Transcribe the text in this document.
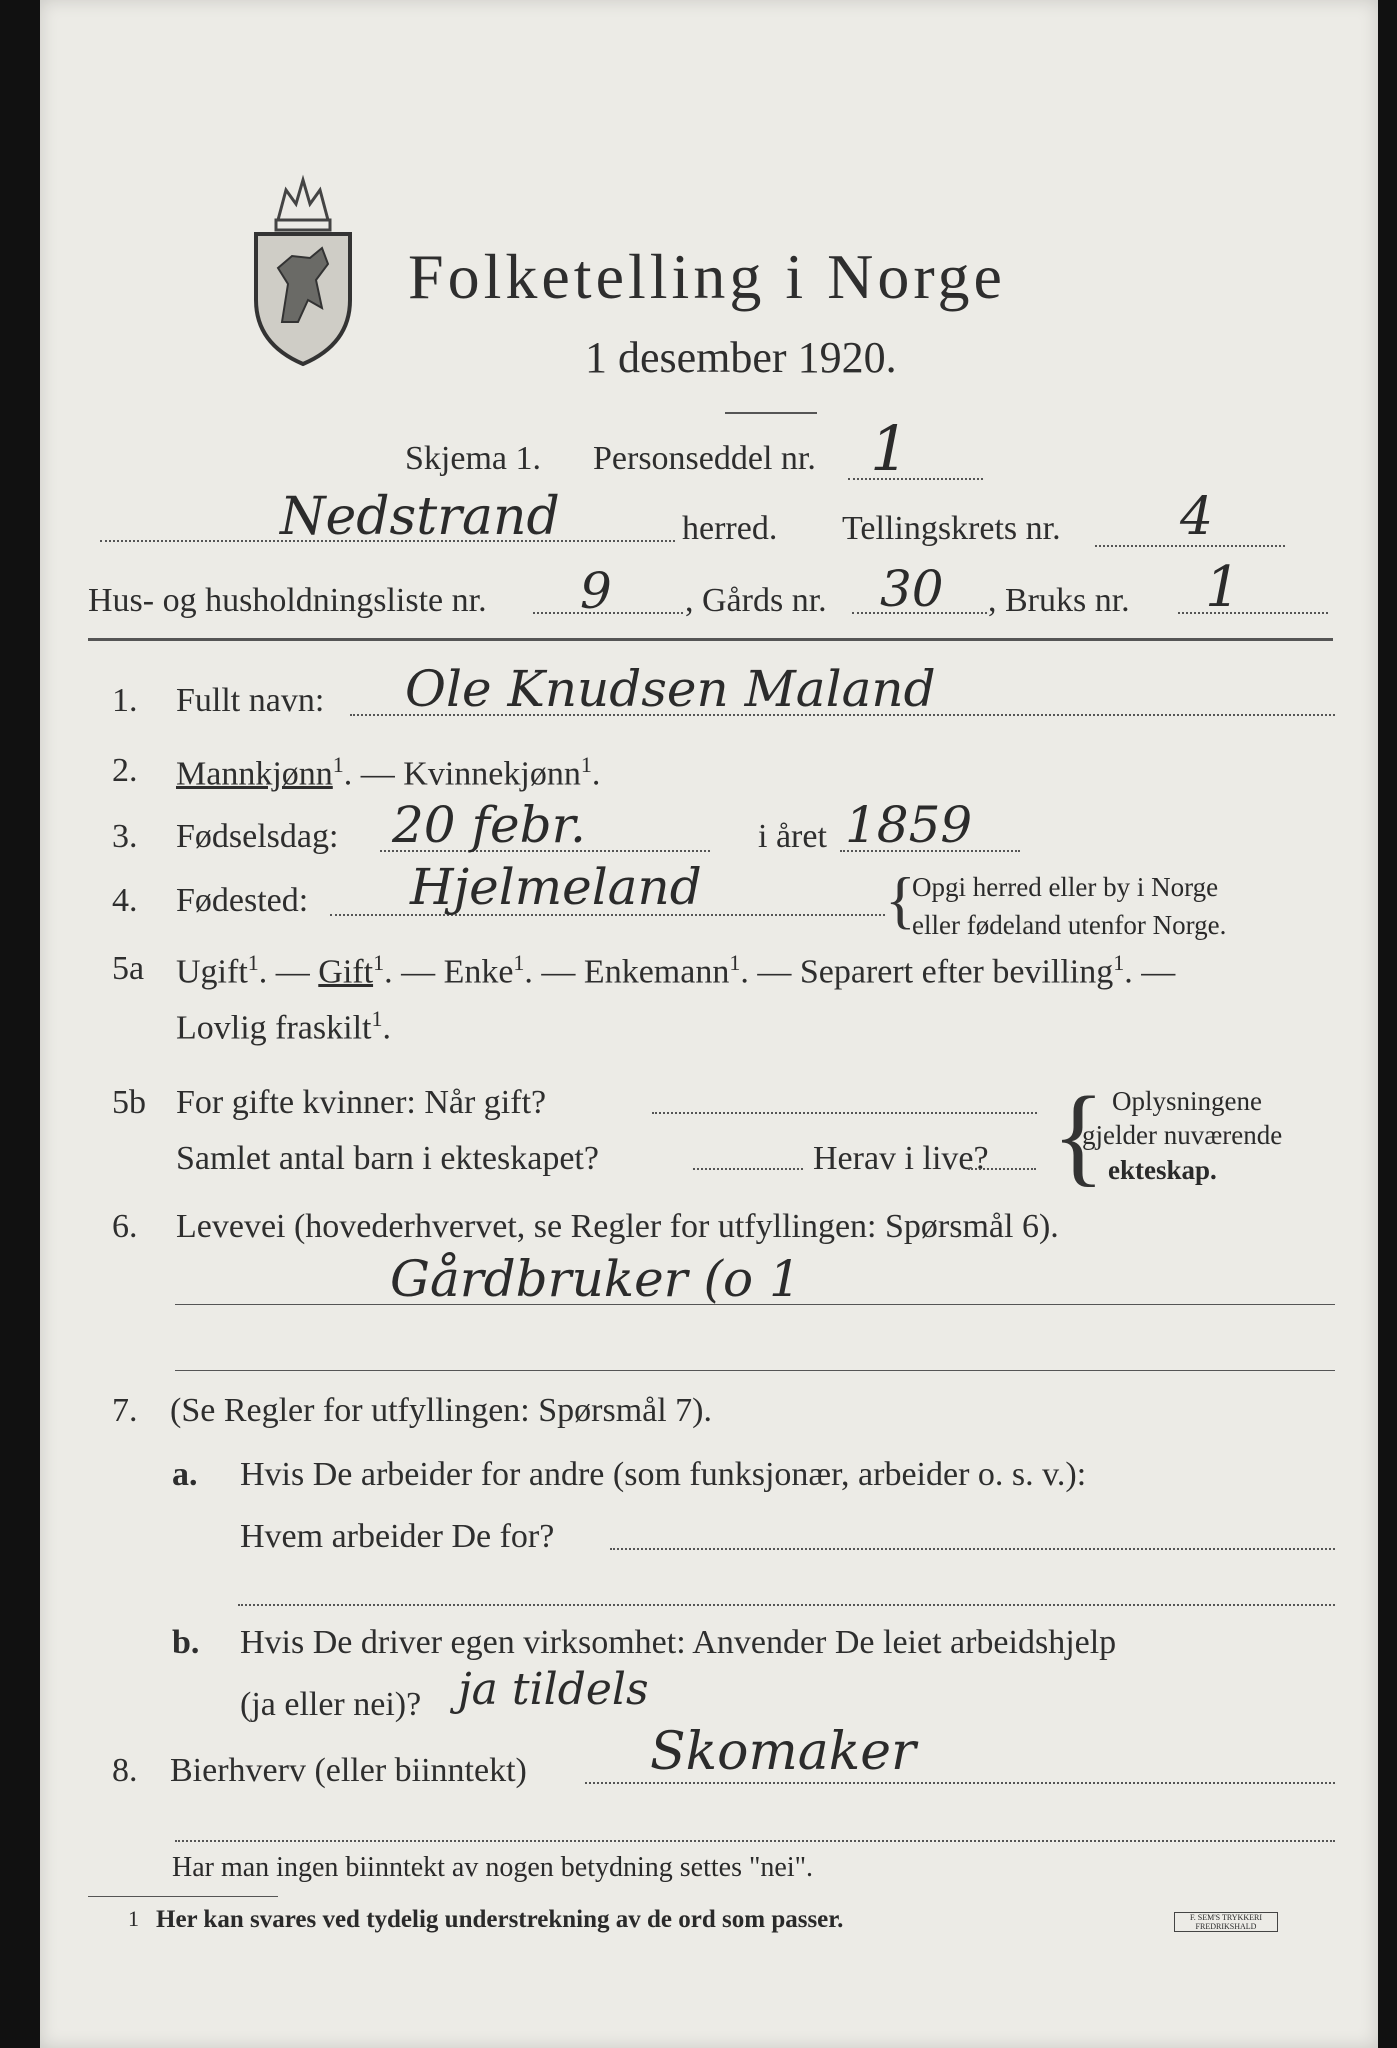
Folketelling i Norge
1 desember 1920.
Skjema 1. Personseddel nr. 1
Nedstrand	herred. Tellingskrets nr. 4
Hus- og husholdningsliste nr. 9 , Gårds nr. 30 , Bruks nr. 1
1. Fullt navn: Ole Knudsen Maland
2. Mannkjønn$^1$. — Kvinnekjønn$^1$.
3. Fødselsdag: 20 febr.	i året 1859
4. Fødested: Hjelmeland	{
Opgi herred eller by i Norge
eller fødeland utenfor Norge.
5a Ugift$^1$. — Gift$^1$. — Enke$^1$. — Enkemann$^1$. — Separert efter bevilling$^1$. —
Lovlig fraskilt$^1$.
5b For gifte kvinner: Når gift?
Samlet antal barn i ekteskapet?	Herav i live? { Oplysningene
gjelder nuværende
ekteskap.
6. Levevei (hovederhvervet, se Regler for utfyllingen: Spørsmål 6).
Gårdbruker (o 1
7. (Se Regler for utfyllingen: Spørsmål 7).
a. Hvis De arbeider for andre (som funksjonær, arbeider o. s. v.):
Hvem arbeider De for?
b. Hvis De driver egen virksomhet: Anvender De leiet arbeidshjelp
(ja eller nei)? ja tildels
8. Bierhverv (eller biinntekt) Skomaker
Har man ingen biinntekt av nogen betydning settes "nei".
1 Her kan svares ved tydelig understrekning av de ord som passer.	F. SEM'S TRYKKERI FREDRIKSHALD
